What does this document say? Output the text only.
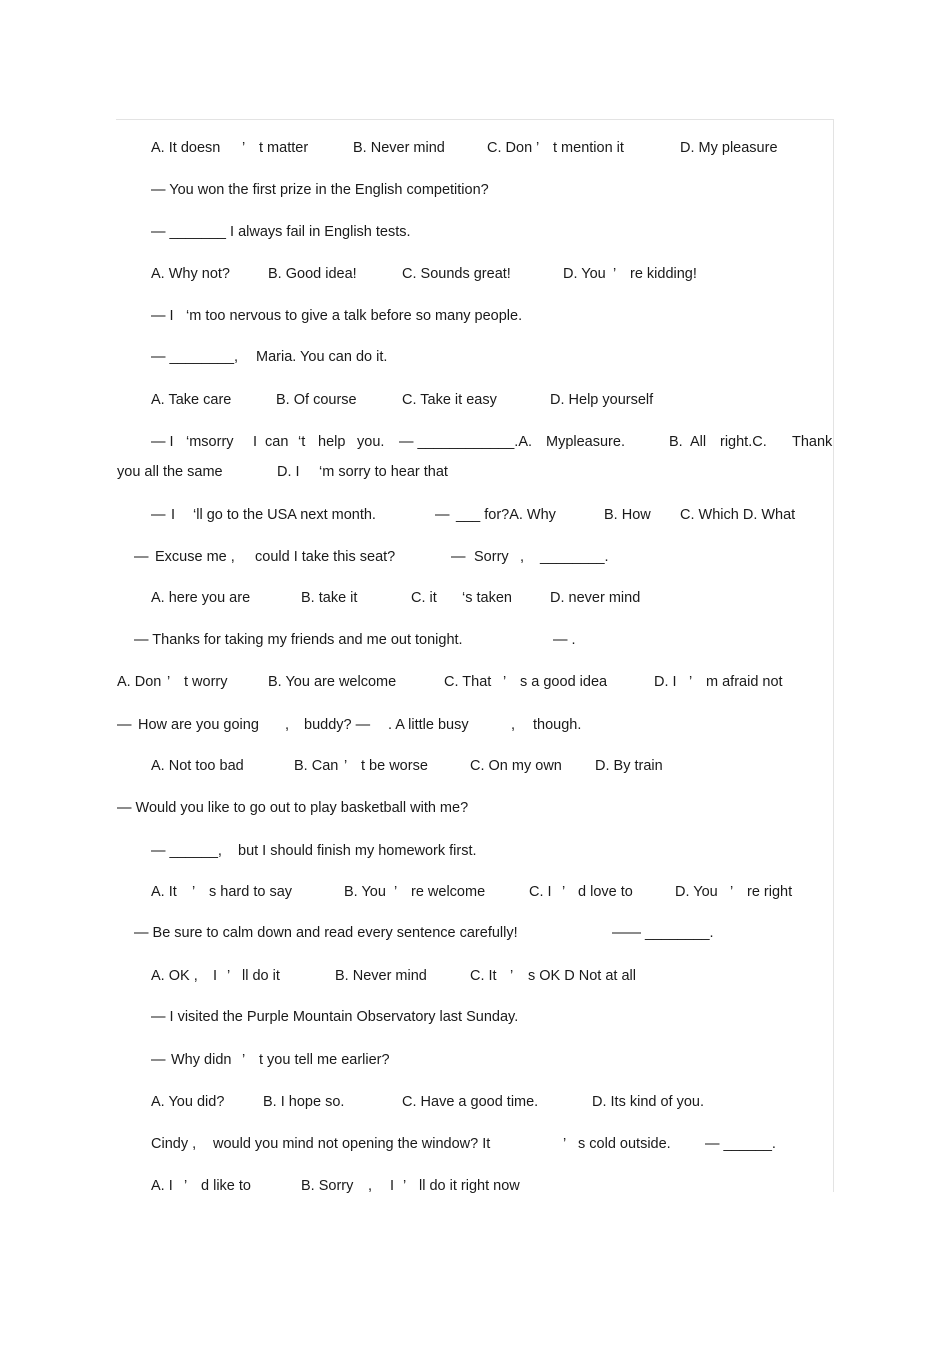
A. It doesn ’ t matter	B. Never mind	C. Don ’ t mention it	D. My pleasure
— You won the first prize in the English competition?
— _______ I always fail in English tests.
A. Why not?	B. Good idea!	C. Sounds great!	D. You ’ re kidding!
— I ‘m too nervous to give a talk before so many people.
— ________, Maria. You can do it.
A. Take care	B. Of course	C. Take it easy	D. Help yourself
— I ‘msorry I can ‘t help you. — ____________.A. Mypleasure.	B. All right.C. Thank
you all the same	D. I ‘m sorry to hear that
— I ‘ll go to the USA next month.	— ___ for?A. Why	B. How C. Which D. What
— Excuse me , could I take this seat?	— Sorry , ________.
A. here you are	B. take it	C. it ‘s taken	D. never mind
— Thanks for taking my friends and me out tonight.	— .
A. Don ’ t worry	B. You are welcome	C. That ’ s a good idea	D. I ’ m afraid not
— How are you going , buddy? — . A little busy	, though.
A. Not too bad	B. Can ’ t be worse	C. On my own D. By train
— Would you like to go out to play basketball with me?
— ______, but I should finish my homework first.
A. It ’ s hard to say	B. You ’ re welcome	C. I ’ d love to	D. You ’ re right
— Be sure to calm down and read every sentence carefully!	—— ________.
A. OK , I ’ ll do it	B. Never mind	C. It ’ s OK D Not at all
— I visited the Purple Mountain Observatory last Sunday.
— Why didn ’ t you tell me earlier?
A. You did?	B. I hope so.	C. Have a good time.	D. Its kind of you.
Cindy , would you mind not opening the window? It	’ s cold outside. — ______.
A. I ’ d like to	B. Sorry , I ’ ll do it right now
